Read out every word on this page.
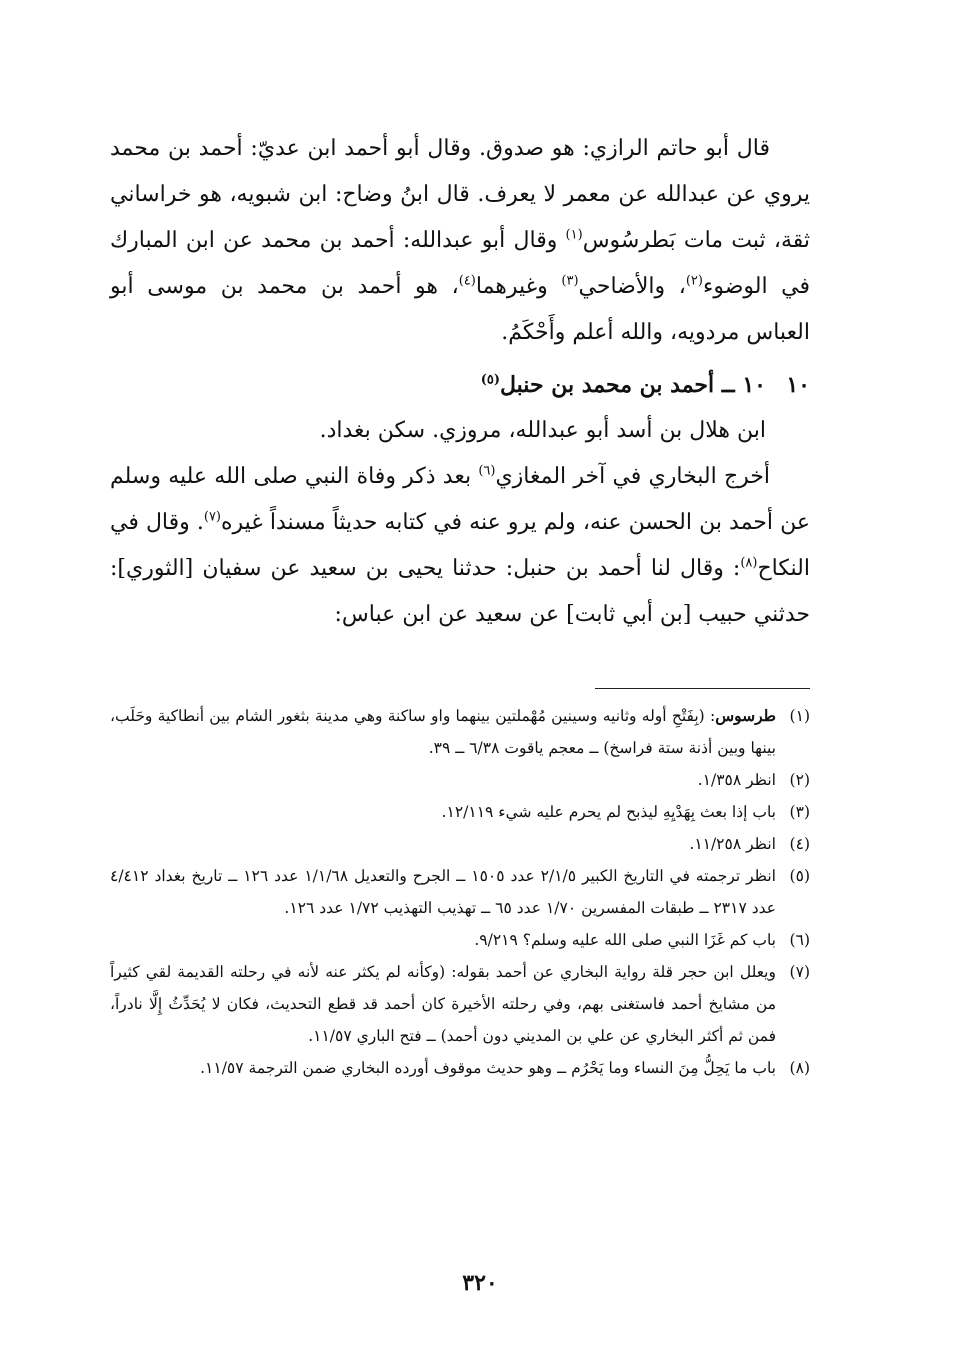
قال أبو حاتم الرازي: هو صدوق. وقال أبو أحمد ابن عديّ: أحمد بن محمد يروي عن عبدالله عن معمر لا يعرف. قال ابنُ وضاح: ابن شبويه، هو خراساني ثقة، ثبت مات بَطرسُوس$^{(١)}$ وقال أبو عبدالله: أحمد بن محمد عن ابن المبارك في الوضوء$^{(٢)}$، والأضاحي$^{(٣)}$ وغيرهما$^{(٤)}$، هو أحمد بن محمد بن موسى أبو العباس مردويه، والله أعلم وأَحْكَمُ.

١٠
١٠ ــ أحمد بن محمد بن حنبل$^{(٥)}$

ابن هلال بن أسد أبو عبدالله، مروزي. سكن بغداد.

أخرج البخاري في آخر المغازي$^{(٦)}$ بعد ذكر وفاة النبي صلى الله عليه وسلم عن أحمد بن الحسن عنه، ولم يرو عنه في كتابه حديثاً مسنداً غيره$^{(٧)}$. وقال في النكاح$^{(٨)}$: وقال لنا أحمد بن حنبل: حدثنا يحيى بن سعيد عن سفيان [الثوري]: حدثني حبيب [بن أبي ثابت] عن سعيد عن ابن عباس:

(١)
طرسوس: (بِفَتْحِ أوله وثانيه وسينين مُهْملتين بينهما واو ساكنة وهي مدينة بثغور الشام بين أنطاكية وحَلَب، بينها وبين أذنة ستة فراسخ) ــ معجم ياقوت ٦/٣٨ ــ ٣٩.
(٢)
انظر ١/٣٥٨.
(٣)
باب إذا بعث بِهَدْيِهِ ليذبح لم يحرم عليه شيء ١٢/١١٩.
(٤)
انظر ١١/٢٥٨.
(٥)
انظر ترجمته في التاريخ الكبير ٢/١/٥ عدد ١٥٠٥ ــ الجرح والتعديل ١/١/٦٨ عدد ١٢٦ ــ تاريخ بغداد ٤/٤١٢ عدد ٢٣١٧ ــ طبقات المفسرين ١/٧٠ عدد ٦٥ ــ تهذيب التهذيب ١/٧٢ عدد ١٢٦.
(٦)
باب كم غَزَا النبي صلى الله عليه وسلم؟ ٩/٢١٩.
(٧)
ويعلل ابن حجر قلة رواية البخاري عن أحمد بقوله: (وكأنه لم يكثر عنه لأنه في رحلته القديمة لقي كثيراً من مشايخ أحمد فاستغنى بهم، وفي رحلته الأخيرة كان أحمد قد قطع التحديث، فكان لا يُحَدِّثُ إِلَّا نادراً، فمن ثم أكثر البخاري عن علي بن المديني دون أحمد) ــ فتح الباري ١١/٥٧.
(٨)
باب ما يَحِلُّ مِنَ النساء وما يَحْرُم ــ وهو حديث موقوف أورده البخاري ضمن الترجمة ١١/٥٧.
٣٢٠
